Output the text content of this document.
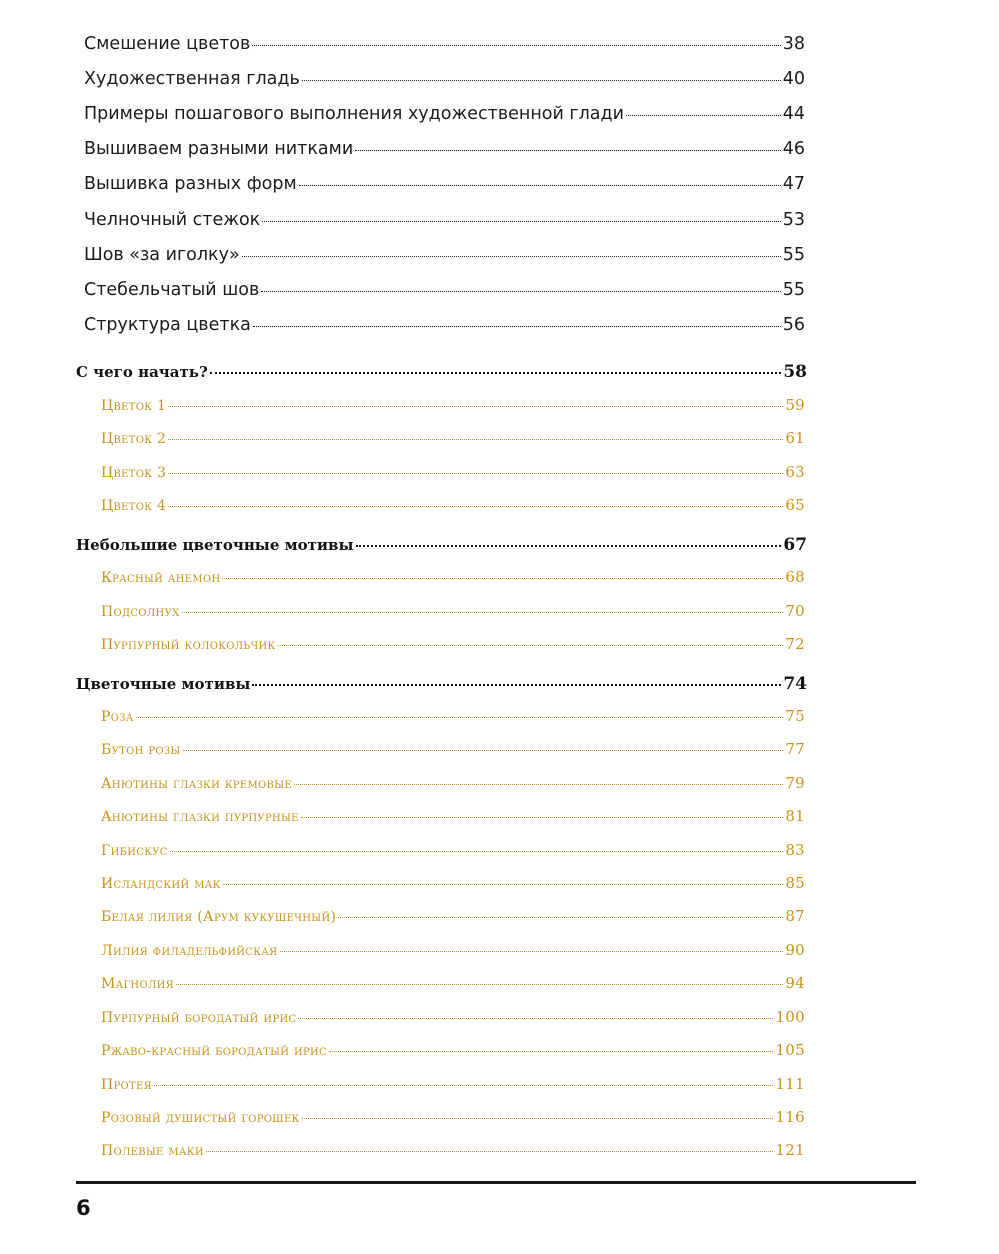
Смешение цветов	38
Художественная гладь	40
Примеры пошагового выполнения художественной глади	44
Вышиваем разными нитками	46
Вышивка разных форм	47
Челночный стежок	53
Шов «за иголку»	55
Стебельчатый шов	55
Структура цветка	56
С чего начать?	58
Цветок 1	59
Цветок 2	61
Цветок 3	63
Цветок 4	65
Небольшие цветочные мотивы	67
Красный анемон	68
Подсолнух	70
Пурпурный колокольчик	72
Цветочные мотивы	74
Роза	75
Бутон розы	77
Анютины глазки кремовые	79
Анютины глазки пурпурные	81
Гибискус	83
Исландский мак	85
Белая лилия (Арум кукушечный)	87
Лилия филадельфийская	90
Магнолия	94
Пурпурный бородатый ирис	100
Ржаво-красный бородатый ирис	105
Протея	111
Розовый душистый горошек	116
Полевые маки	121
6
